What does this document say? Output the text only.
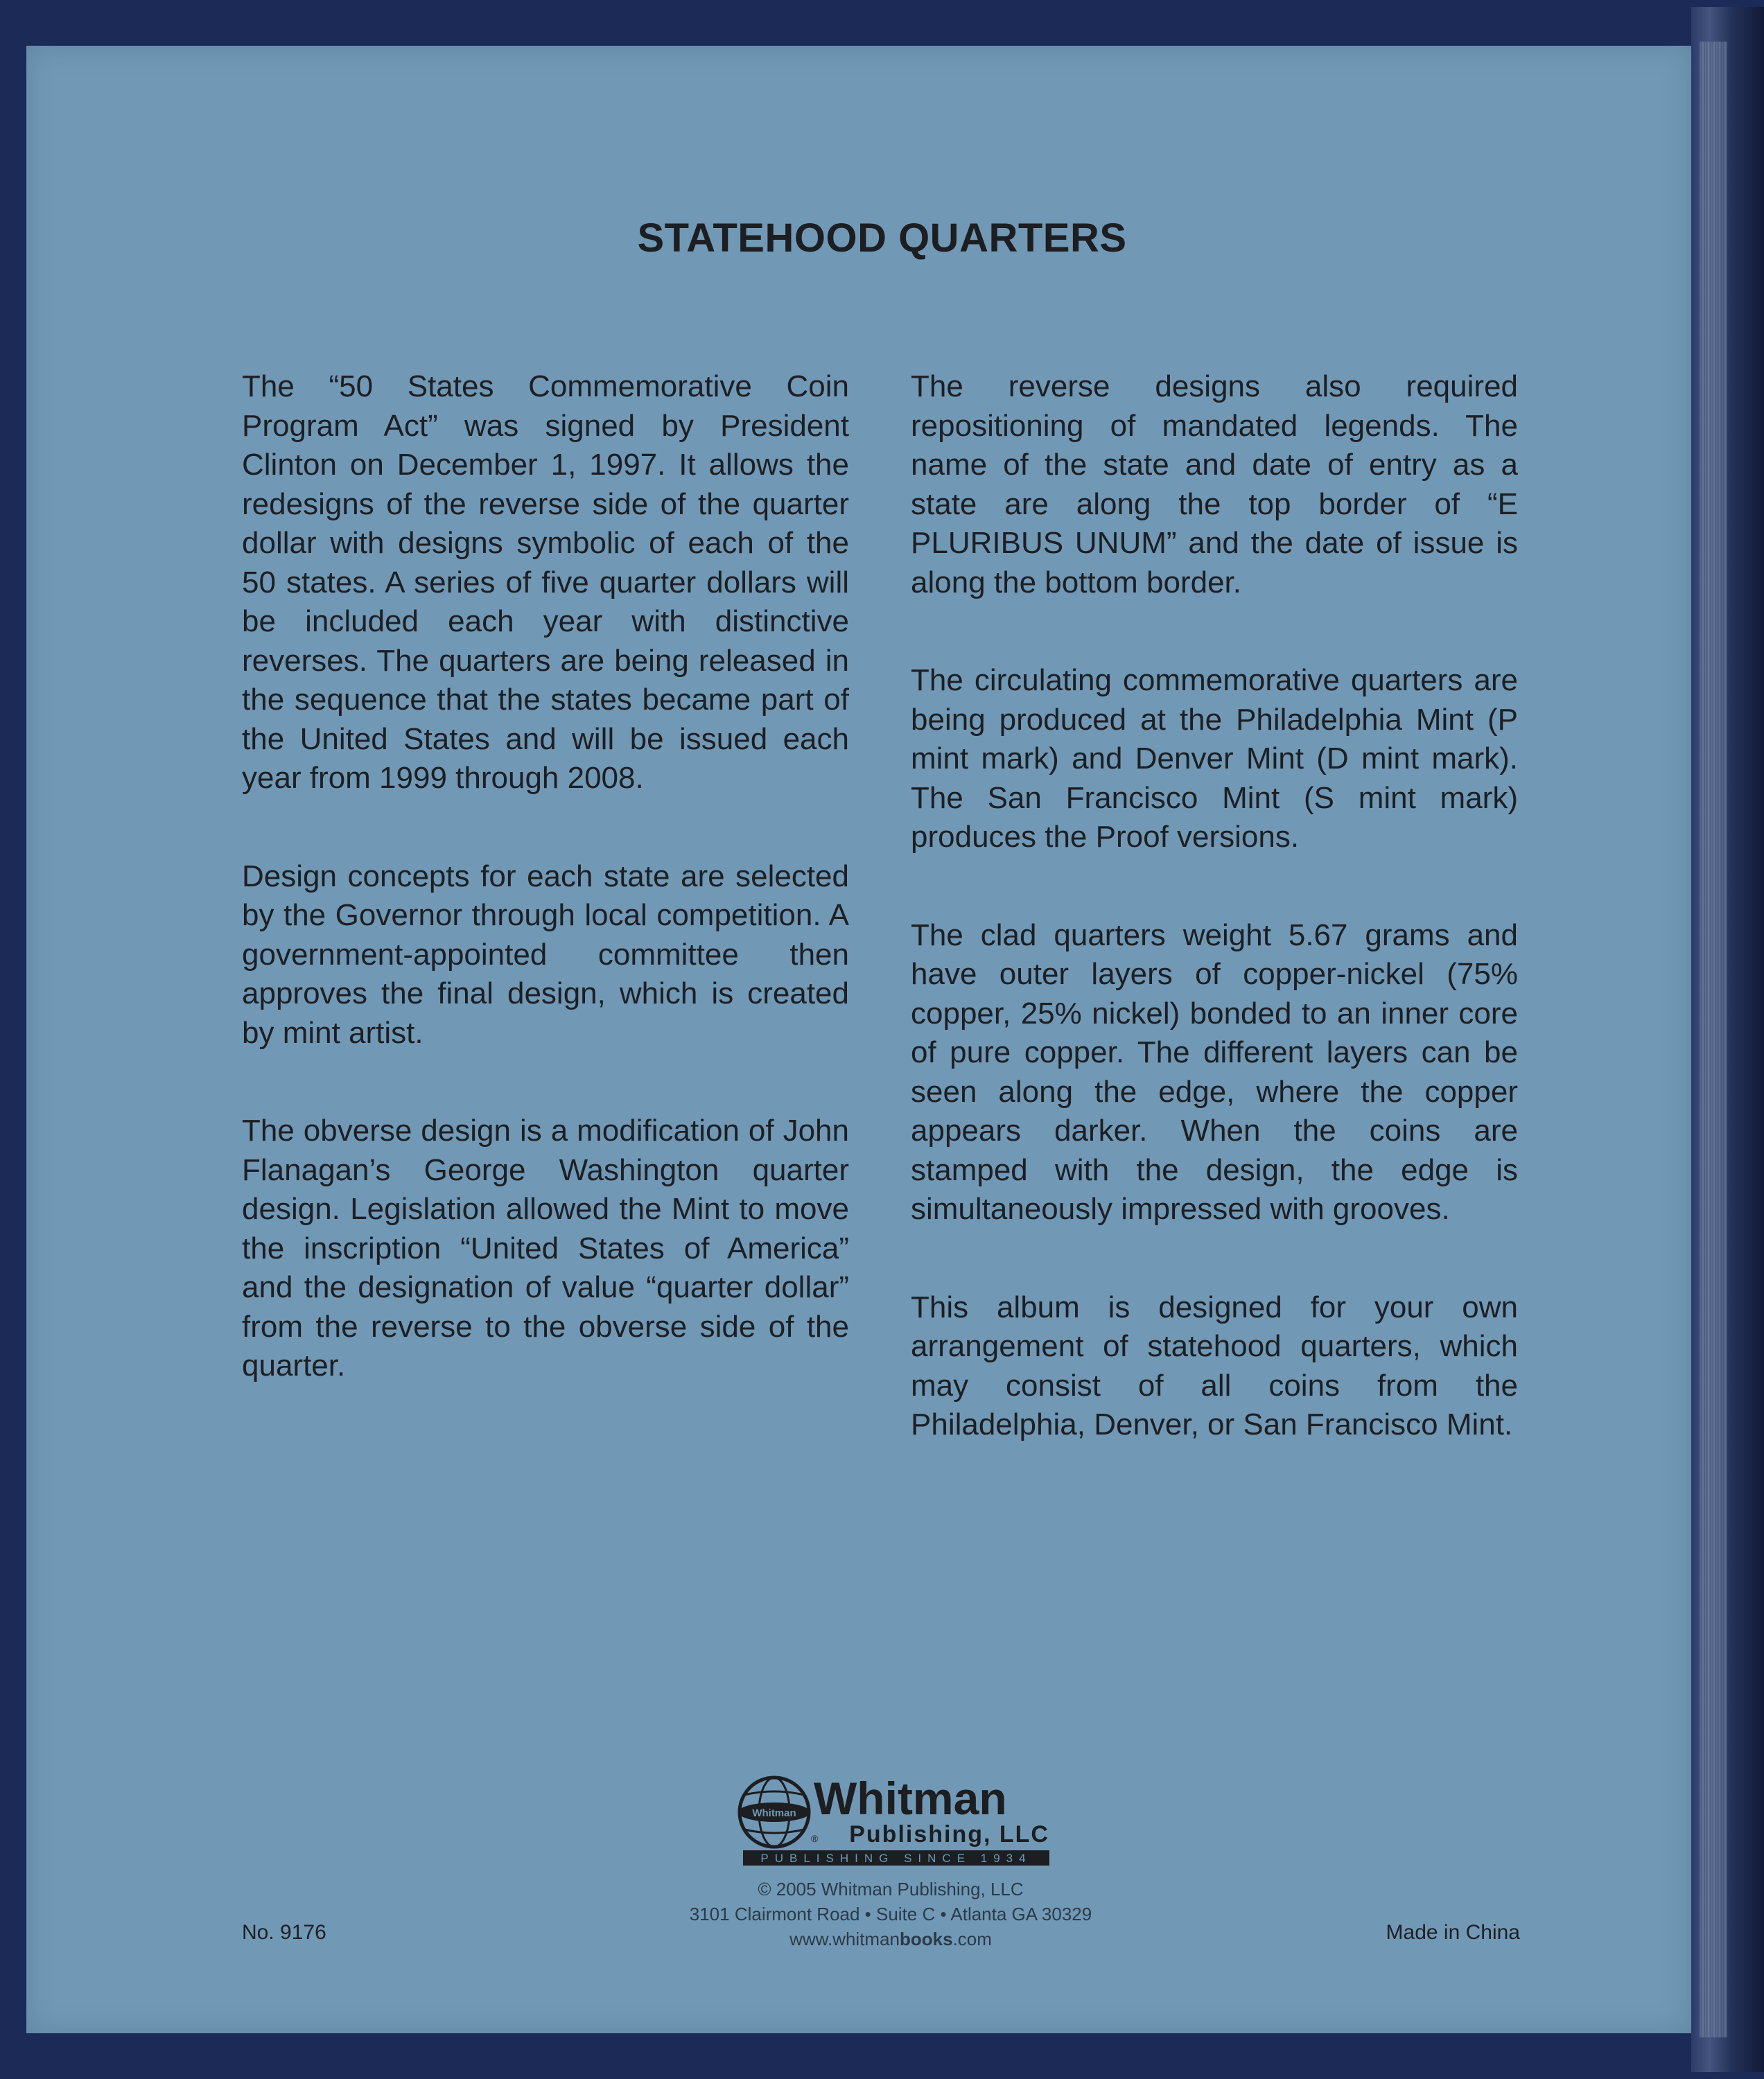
STATEHOOD QUARTERS

The “50 States Commemorative Coin Program Act” was signed by President Clinton on December 1, 1997. It allows the redesigns of the reverse side of the quarter dollar with designs symbolic of each of the 50 states. A series of five quarter dollars will be included each year with distinctive reverses. The quarters are being released in the sequence that the states became part of the United States and will be issued each year from 1999 through 2008.

Design concepts for each state are selected by the Governor through local competition. A government-appointed committee then approves the final design, which is created by mint artist.

The obverse design is a modification of John Flanagan’s George Washington quarter design. Legislation allowed the Mint to move the inscription “United States of America” and the designation of value “quarter dollar” from the reverse to the obverse side of the quarter.

The reverse designs also required repositioning of mandated legends. The name of the state and date of entry as a state are along the top border of “E PLURIBUS UNUM” and the date of issue is along the bottom border.

The circulating commemorative quarters are being produced at the Philadelphia Mint (P mint mark) and Denver Mint (D mint mark). The San Francisco Mint (S mint mark) produces the Proof versions.

The clad quarters weight 5.67 grams and have outer layers of copper-nickel (75% copper, 25% nickel) bonded to an inner core of pure copper. The different layers can be seen along the edge, where the copper appears darker. When the coins are stamped with the design, the edge is simultaneously impressed with grooves.

This album is designed for your own arrangement of statehood quarters, which may consist of all coins from the Philadelphia, Denver, or San Francisco Mint.

Whitman Whitman
® Publishing, LLC
PUBLISHING SINCE 1934
© 2005 Whitman Publishing, LLC
3101 Clairmont Road • Suite C • Atlanta GA 30329
www.whitmanbooks.com
No. 9176	Made in China
